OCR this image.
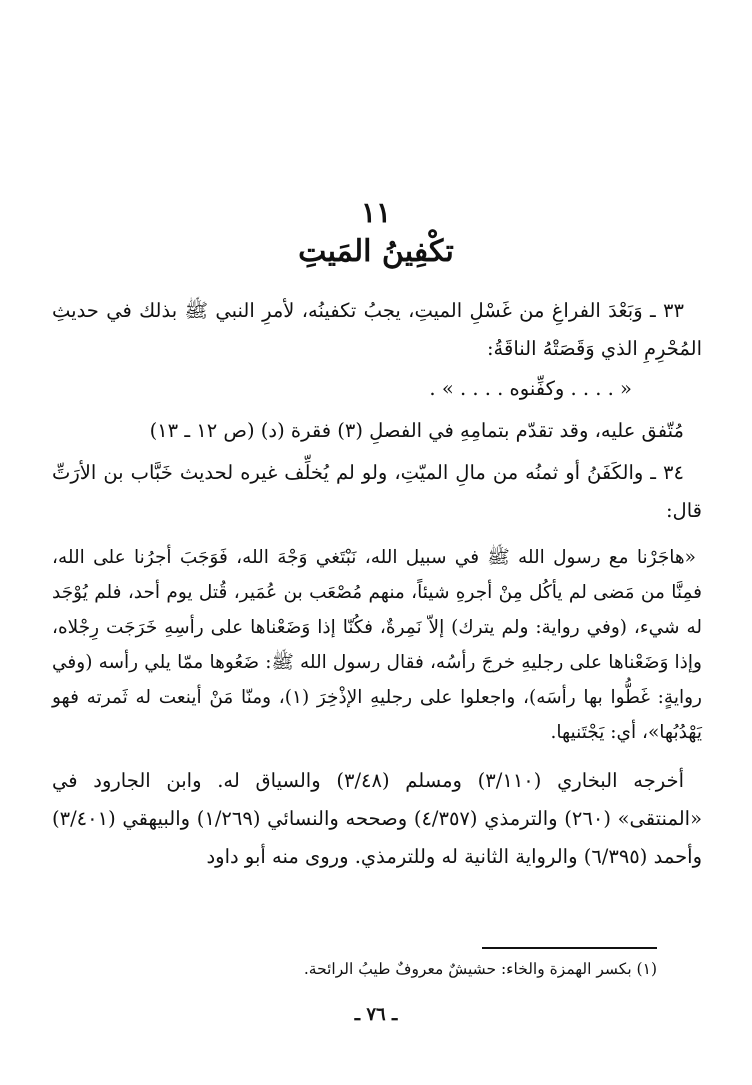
١١
تكْفِينُ المَيتِ

٣٣ ـ وَبَعْدَ الفراغِ من غَسْلِ الميتِ، يجبُ تكفينُه، لأمرِ النبي ﷺ بذلك في حديثِ المُحْرِمِ الذي وَقَصَتْهُ الناقَةُ:

« . . . . وكفِّنوه . . . . » .

مُتّفق عليه، وقد تقدّم بتمامِهِ في الفصلِ (٣) فقرة (د) (ص ١٢ ـ ١٣)

٣٤ ـ والكَفَنُ أو ثمنُه من مالِ الميّتِ، ولو لم يُخلِّف غيره لحديث خَبَّاب بن الأرَتِّ قال:

«هاجَرْنا مع رسول الله ﷺ في سبيل الله، نَبْتَغي وَجْهَ الله، فَوَجَبَ أجرُنا على الله، فمِنَّا من مَضى لم يأكُل مِنْ أجرهِ شيئاً، منهم مُصْعَب بن عُمَير، قُتل يوم أحد، فلم يُوْجَد له شيء، (وفي رواية: ولم يترك) إلاّ نَمِرةٌ، فكُنّا إذا وَضَعْناها على رأسِهِ خَرَجَت رِجْلاه، وإذا وَضَعْناها على رجليهِ خرجَ رأسُه، فقال رسول الله ﷺ: ضَعُوها ممّا يلي رأسه (وفي روايةٍ: غَطُّوا بها رأسَه)، واجعلوا على رجليهِ الإذْخِرَ (١)، ومنّا مَنْ أينعت له ثَمرته فهو يَهْدُبُها»، أي: يَجْتَنيها.

أخرجه البخاري (٣/١١٠) ومسلم (٣/٤٨) والسياق له. وابن الجارود في «المنتقى» (٢٦٠) والترمذي (٤/٣٥٧) وصححه والنسائي (١/٢٦٩) والبيهقي (٣/٤٠١) وأحمد (٦/٣٩٥) والرواية الثانية له وللترمذي. وروى منه أبو داود

(١) بكسر الهمزة والخاء: حشيشٌ معروفٌ طيبُ الرائحة.
ـ ٧٦ ـ
